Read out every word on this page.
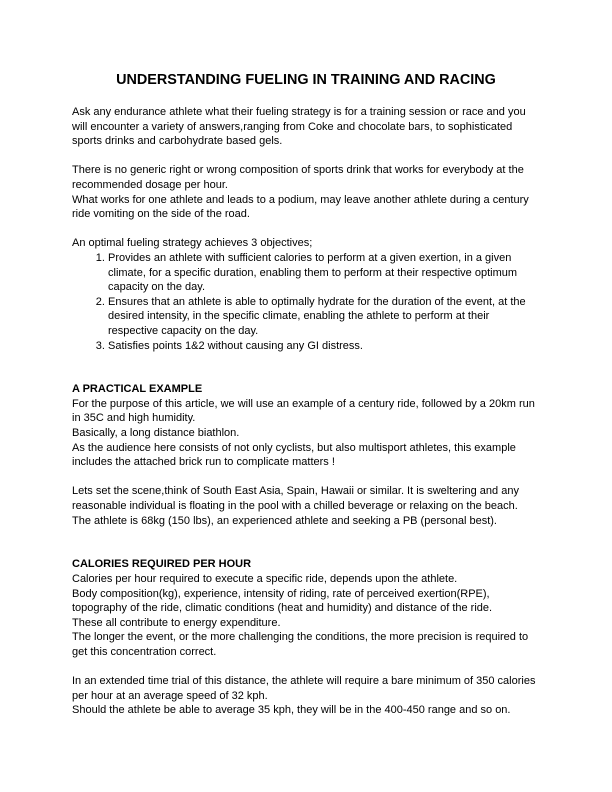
UNDERSTANDING FUELING IN TRAINING AND RACING

Ask any endurance athlete what their fueling strategy is for a training session or race and you will encounter a variety of answers,ranging from Coke and chocolate bars, to sophisticated sports drinks and carbohydrate based gels.

There is no generic right or wrong composition of sports drink that works for everybody at the recommended dosage per hour.

What works for one athlete and leads to a podium, may leave another athlete during a century ride vomiting on the side of the road.

An optimal fueling strategy achieves 3 objectives;

1. Provides an athlete with sufficient calories to perform at a given exertion, in a given climate, for a specific duration, enabling them to perform at their respective optimum capacity on the day.
2. Ensures that an athlete is able to optimally hydrate for the duration of the event, at the desired intensity, in the specific climate, enabling the athlete to perform at their respective capacity on the day.
3. Satisfies points 1&2 without causing any GI distress.

A PRACTICAL EXAMPLE

For the purpose of this article, we will use an example of a century ride, followed by a 20km run in 35C and high humidity.

Basically, a long distance biathlon.

As the audience here consists of not only cyclists, but also multisport athletes, this example includes the attached brick run to complicate matters !

Lets set the scene,think of South East Asia, Spain, Hawaii or similar. It is sweltering and any reasonable individual is floating in the pool with a chilled beverage or relaxing on the beach.

The athlete is 68kg (150 lbs), an experienced athlete and seeking a PB (personal best).

CALORIES REQUIRED PER HOUR

Calories per hour required to execute a specific ride, depends upon the athlete.

Body composition(kg), experience, intensity of riding, rate of perceived exertion(RPE), topography of the ride, climatic conditions (heat and humidity) and distance of the ride.

These all contribute to energy expenditure.

The longer the event, or the more challenging the conditions, the more precision is required to get this concentration correct.

In an extended time trial of this distance, the athlete will require a bare minimum of 350 calories per hour at an average speed of 32 kph.

Should the athlete be able to average 35 kph, they will be in the 400-450 range and so on.
